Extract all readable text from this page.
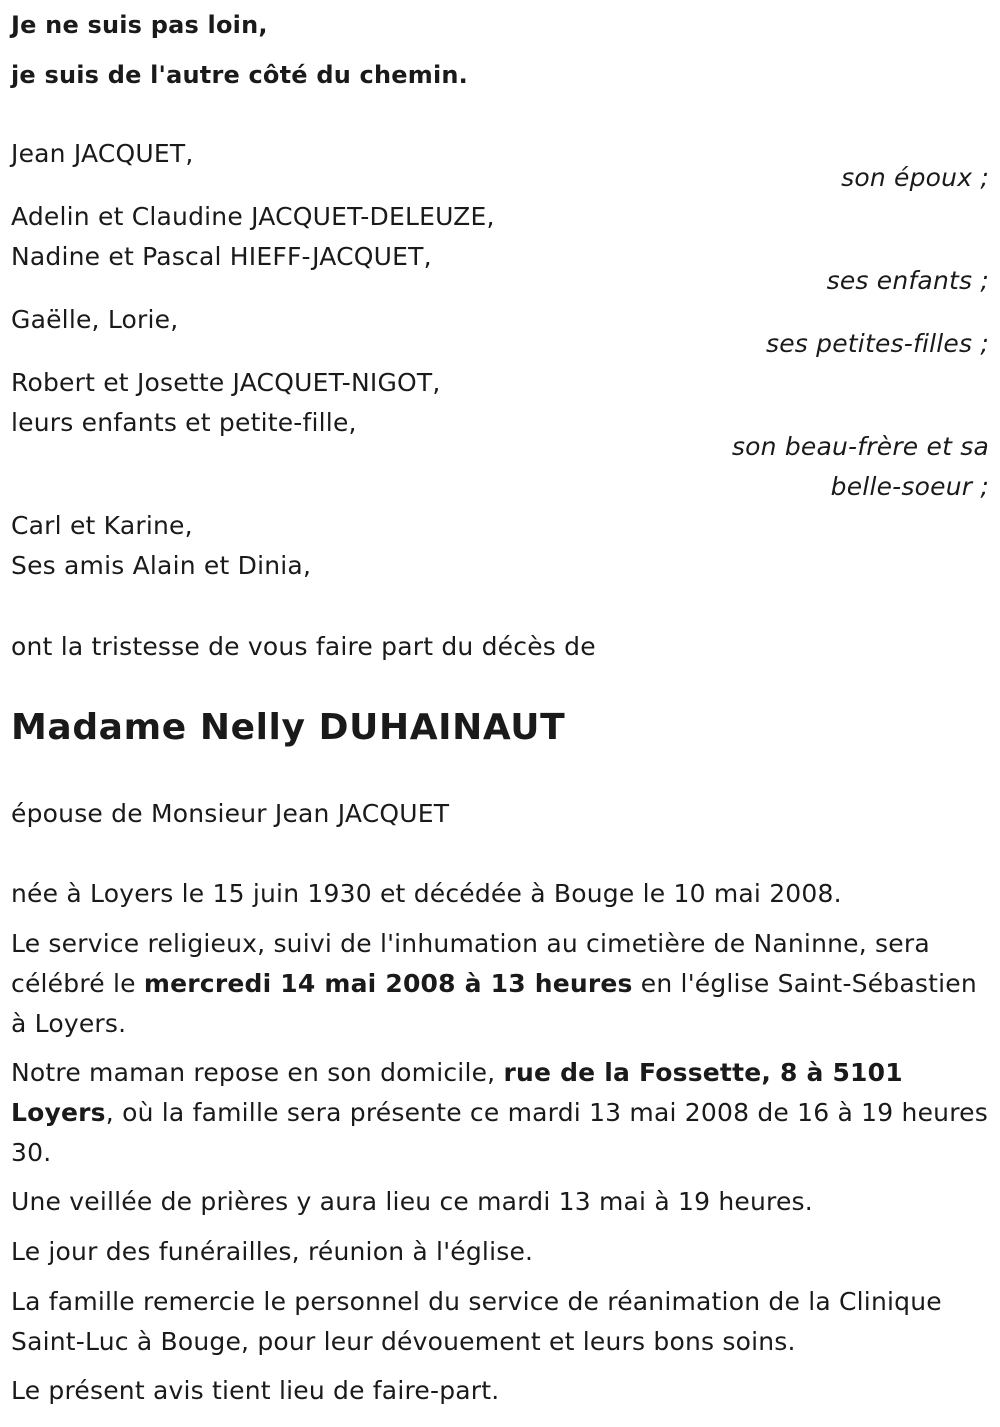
Je ne suis pas loin,
je suis de l'autre côté du chemin.
Jean JACQUET,
son époux ;
Adelin et Claudine JACQUET-DELEUZE,
Nadine et Pascal HIEFF-JACQUET,
ses enfants ;
Gaëlle, Lorie,
ses petites-filles ;
Robert et Josette JACQUET-NIGOT,
leurs enfants et petite-fille,
son beau-frère et sa
belle-soeur ;
Carl et Karine,
Ses amis Alain et Dinia,
ont la tristesse de vous faire part du décès de
Madame Nelly DUHAINAUT
épouse de Monsieur Jean JACQUET
née à Loyers le 15 juin 1930 et décédée à Bouge le 10 mai 2008.
Le service religieux, suivi de l'inhumation au cimetière de Naninne, sera célébré le mercredi 14 mai 2008 à 13 heures en l'église Saint-Sébastien à Loyers.
Notre maman repose en son domicile, rue de la Fossette, 8 à 5101 Loyers, où la famille sera présente ce mardi 13 mai 2008 de 16 à 19 heures 30.
Une veillée de prières y aura lieu ce mardi 13 mai à 19 heures.
Le jour des funérailles, réunion à l'église.
La famille remercie le personnel du service de réanimation de la Clinique Saint-Luc à Bouge, pour leur dévouement et leurs bons soins.
Le présent avis tient lieu de faire-part.
